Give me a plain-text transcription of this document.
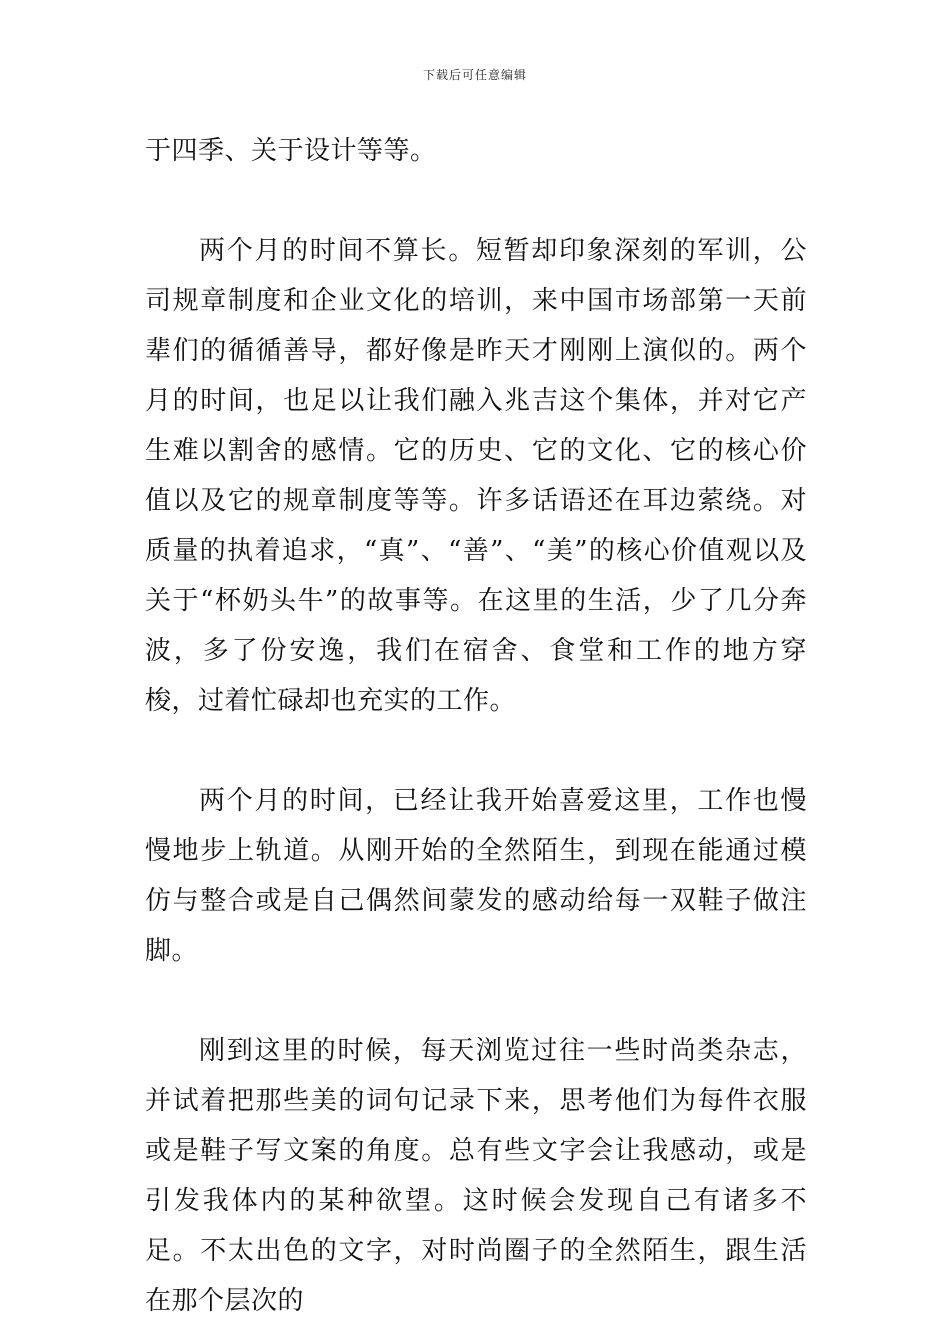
下载后可任意编辑

于四季、关于设计等等。

两个月的时间不算长。短暂却印象深刻的军训，公司规章制度和企业文化的培训，来中国市场部第一天前辈们的循循善导，都好像是昨天才刚刚上演似的。两个月的时间，也足以让我们融入兆吉这个集体，并对它产生难以割舍的感情。它的历史、它的文化、它的核心价值以及它的规章制度等等。许多话语还在耳边萦绕。对质量的执着追求，“真”、“善”、“美”的核心价值观以及关于“杯奶头牛”的故事等。在这里的生活，少了几分奔波，多了份安逸，我们在宿舍、食堂和工作的地方穿梭，过着忙碌却也充实的工作。

两个月的时间，已经让我开始喜爱这里，工作也慢慢地步上轨道。从刚开始的全然陌生，到现在能通过模仿与整合或是自己偶然间蒙发的感动给每一双鞋子做注脚。

刚到这里的时候，每天浏览过往一些时尚类杂志，并试着把那些美的词句记录下来，思考他们为每件衣服或是鞋子写文案的角度。总有些文字会让我感动，或是引发我体内的某种欲望。这时候会发现自己有诸多不足。不太出色的文字，对时尚圈子的全然陌生，跟生活在那个层次的
